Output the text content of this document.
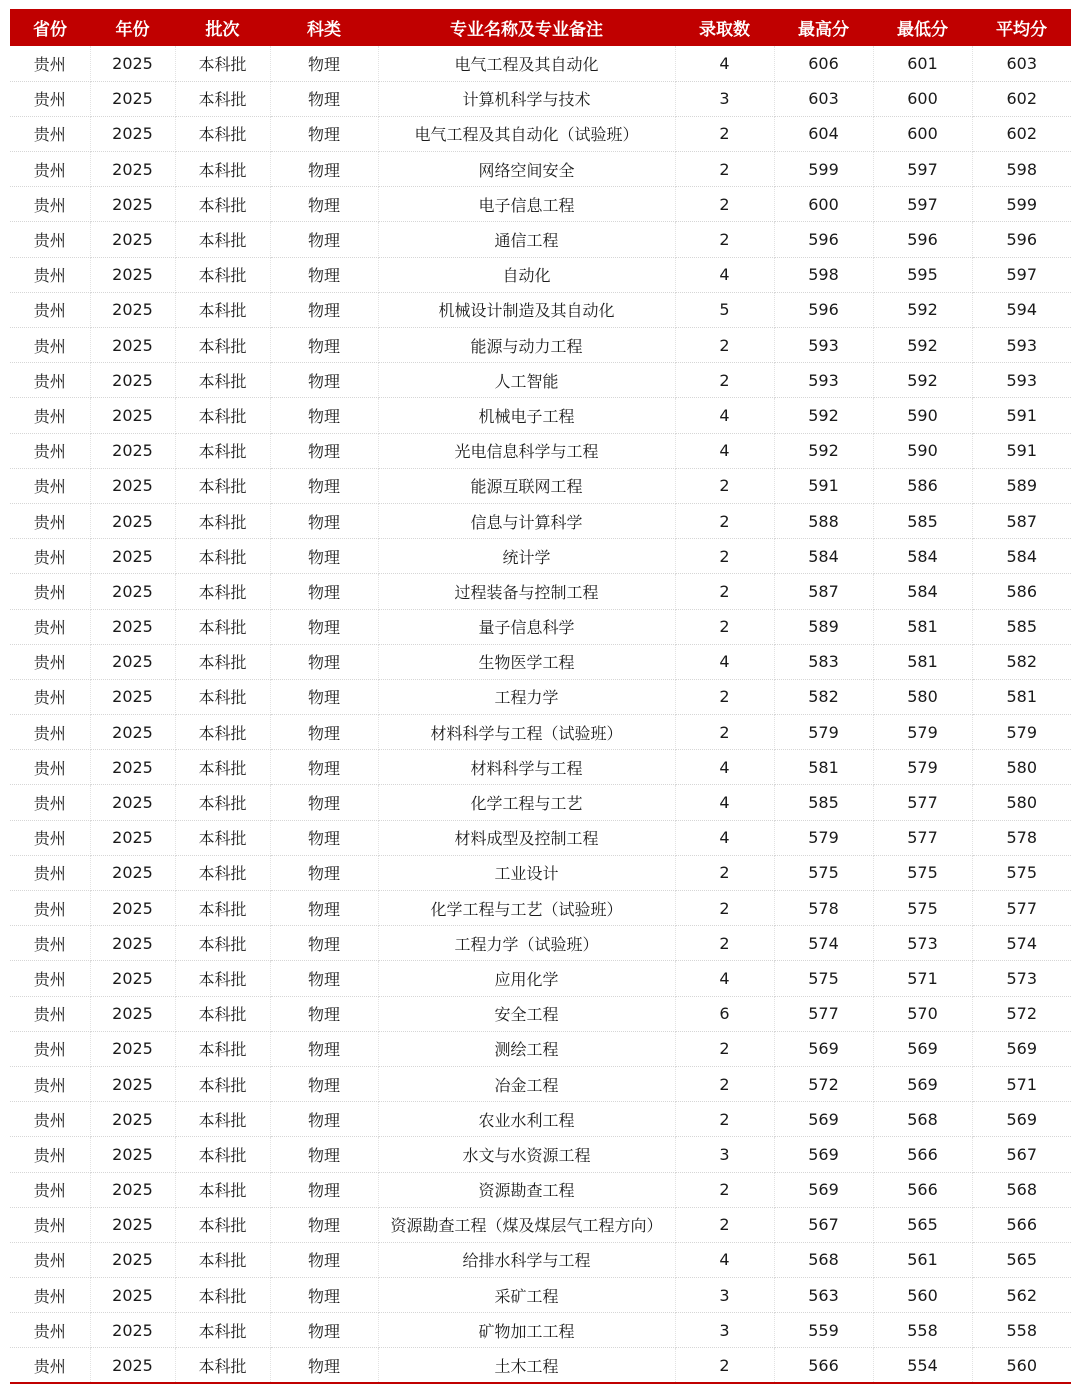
省份	年份	批次	科类	专业名称及专业备注	录取数	最高分	最低分	平均分
贵州	2025	本科批	物理	电气工程及其自动化	4	606	601	603
贵州	2025	本科批	物理	计算机科学与技术	3	603	600	602
贵州	2025	本科批	物理	电气工程及其自动化（试验班）	2	604	600	602
贵州	2025	本科批	物理	网络空间安全	2	599	597	598
贵州	2025	本科批	物理	电子信息工程	2	600	597	599
贵州	2025	本科批	物理	通信工程	2	596	596	596
贵州	2025	本科批	物理	自动化	4	598	595	597
贵州	2025	本科批	物理	机械设计制造及其自动化	5	596	592	594
贵州	2025	本科批	物理	能源与动力工程	2	593	592	593
贵州	2025	本科批	物理	人工智能	2	593	592	593
贵州	2025	本科批	物理	机械电子工程	4	592	590	591
贵州	2025	本科批	物理	光电信息科学与工程	4	592	590	591
贵州	2025	本科批	物理	能源互联网工程	2	591	586	589
贵州	2025	本科批	物理	信息与计算科学	2	588	585	587
贵州	2025	本科批	物理	统计学	2	584	584	584
贵州	2025	本科批	物理	过程装备与控制工程	2	587	584	586
贵州	2025	本科批	物理	量子信息科学	2	589	581	585
贵州	2025	本科批	物理	生物医学工程	4	583	581	582
贵州	2025	本科批	物理	工程力学	2	582	580	581
贵州	2025	本科批	物理	材料科学与工程（试验班）	2	579	579	579
贵州	2025	本科批	物理	材料科学与工程	4	581	579	580
贵州	2025	本科批	物理	化学工程与工艺	4	585	577	580
贵州	2025	本科批	物理	材料成型及控制工程	4	579	577	578
贵州	2025	本科批	物理	工业设计	2	575	575	575
贵州	2025	本科批	物理	化学工程与工艺（试验班）	2	578	575	577
贵州	2025	本科批	物理	工程力学（试验班）	2	574	573	574
贵州	2025	本科批	物理	应用化学	4	575	571	573
贵州	2025	本科批	物理	安全工程	6	577	570	572
贵州	2025	本科批	物理	测绘工程	2	569	569	569
贵州	2025	本科批	物理	冶金工程	2	572	569	571
贵州	2025	本科批	物理	农业水利工程	2	569	568	569
贵州	2025	本科批	物理	水文与水资源工程	3	569	566	567
贵州	2025	本科批	物理	资源勘查工程	2	569	566	568
贵州	2025	本科批	物理	资源勘查工程（煤及煤层气工程方向）	2	567	565	566
贵州	2025	本科批	物理	给排水科学与工程	4	568	561	565
贵州	2025	本科批	物理	采矿工程	3	563	560	562
贵州	2025	本科批	物理	矿物加工工程	3	559	558	558
贵州	2025	本科批	物理	土木工程	2	566	554	560
